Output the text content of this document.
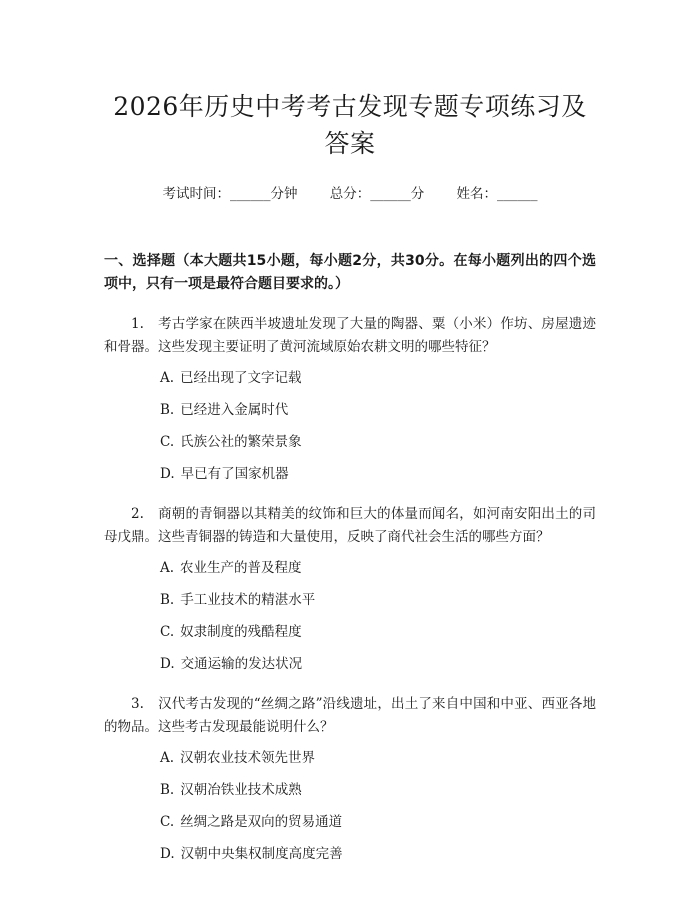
2026年历史中考考古发现专题专项练习及答案
考试时间：______分钟 总分：______分 姓名：______
一、选择题（本大题共15小题，每小题2分，共30分。在每小题列出的四个选项中，只有一项是最符合题目要求的。）
1. 考古学家在陕西半坡遗址发现了大量的陶器、粟（小米）作坊、房屋遗迹和骨器。这些发现主要证明了黄河流域原始农耕文明的哪些特征？
A. 已经出现了文字记载
B. 已经进入金属时代
C. 氏族公社的繁荣景象
D. 早已有了国家机器
2. 商朝的青铜器以其精美的纹饰和巨大的体量而闻名，如河南安阳出土的司母戊鼎。这些青铜器的铸造和大量使用，反映了商代社会生活的哪些方面？
A. 农业生产的普及程度
B. 手工业技术的精湛水平
C. 奴隶制度的残酷程度
D. 交通运输的发达状况
3. 汉代考古发现的“丝绸之路”沿线遗址，出土了来自中国和中亚、西亚各地的物品。这些考古发现最能说明什么？
A. 汉朝农业技术领先世界
B. 汉朝冶铁业技术成熟
C. 丝绸之路是双向的贸易通道
D. 汉朝中央集权制度高度完善
